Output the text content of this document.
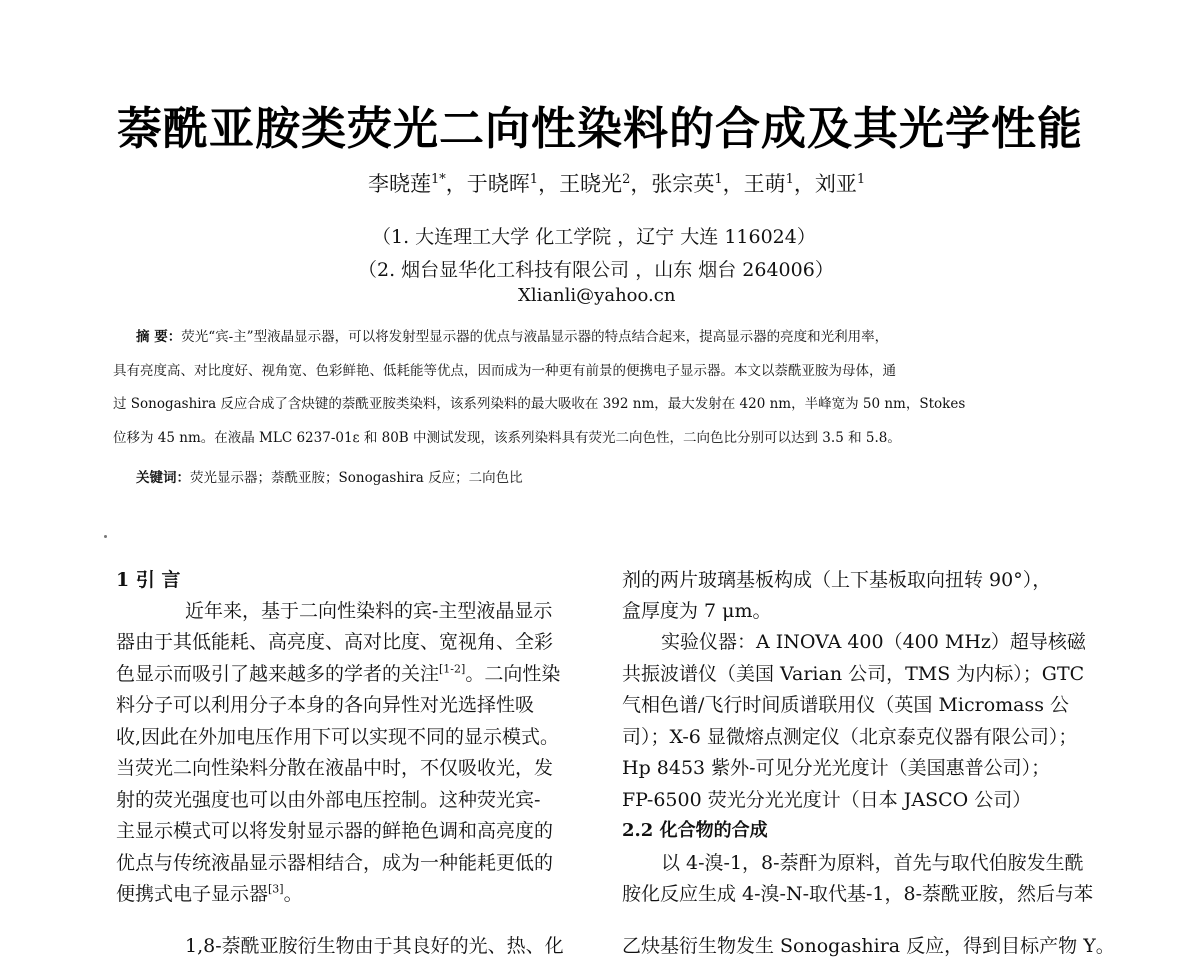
萘酰亚胺类荧光二向性染料的合成及其光学性能
李晓莲$^{1*}$，于晓晖$^1$，王晓光$^2$，张宗英$^1$，王萌$^1$，刘亚$^1$
（1. 大连理工大学 化工学院 ，辽宁 大连 116024）
（2. 烟台显华化工科技有限公司 ，山东 烟台 264006）
Xlianli@yahoo.cn
摘 要：荧光“宾-主”型液晶显示器，可以将发射型显示器的优点与液晶显示器的特点结合起来，提高显示器的亮度和光利用率，
具有亮度高、对比度好、视角宽、色彩鲜艳、低耗能等优点，因而成为一种更有前景的便携电子显示器。本文以萘酰亚胺为母体，通
过 Sonogashira 反应合成了含炔键的萘酰亚胺类染料，该系列染料的最大吸收在 392 nm，最大发射在 420 nm，半峰宽为 50 nm，Stokes
位移为 45 nm。在液晶 MLC 6237-01ε 和 80B 中测试发现，该系列染料具有荧光二向色性，二向色比分别可以达到 3.5 和 5.8。
关键词：荧光显示器；萘酰亚胺；Sonogashira 反应；二向色比
1 引 言
近年来，基于二向性染料的宾-主型液晶显示
器由于其低能耗、高亮度、高对比度、宽视角、全彩
色显示而吸引了越来越多的学者的关注[1-2]。二向性染
料分子可以利用分子本身的各向异性对光选择性吸
收,因此在外加电压作用下可以实现不同的显示模式。
当荧光二向性染料分散在液晶中时，不仅吸收光，发
射的荧光强度也可以由外部电压控制。这种荧光宾-
主显示模式可以将发射显示器的鲜艳色调和高亮度的
优点与传统液晶显示器相结合，成为一种能耗更低的
便携式电子显示器[3]。
1,8-萘酰亚胺衍生物由于其良好的光、热、化
剂的两片玻璃基板构成（上下基板取向扭转 90°），
盒厚度为 7 μm。
实验仪器：A INOVA 400（400 MHz）超导核磁
共振波谱仪（美国 Varian 公司，TMS 为内标）；GTC
气相色谱/飞行时间质谱联用仪（英国 Micromass 公
司）；X-6 显微熔点测定仪（北京泰克仪器有限公司）；
Hp 8453 紫外-可见分光光度计（美国惠普公司）；
FP-6500 荧光分光光度计（日本 JASCO 公司）
2.2 化合物的合成
以 4-溴-1，8-萘酐为原料，首先与取代伯胺发生酰
胺化反应生成 4-溴-N-取代基-1，8-萘酰亚胺，然后与苯
乙炔基衍生物发生 Sonogashira 反应，得到目标产物 Y。
